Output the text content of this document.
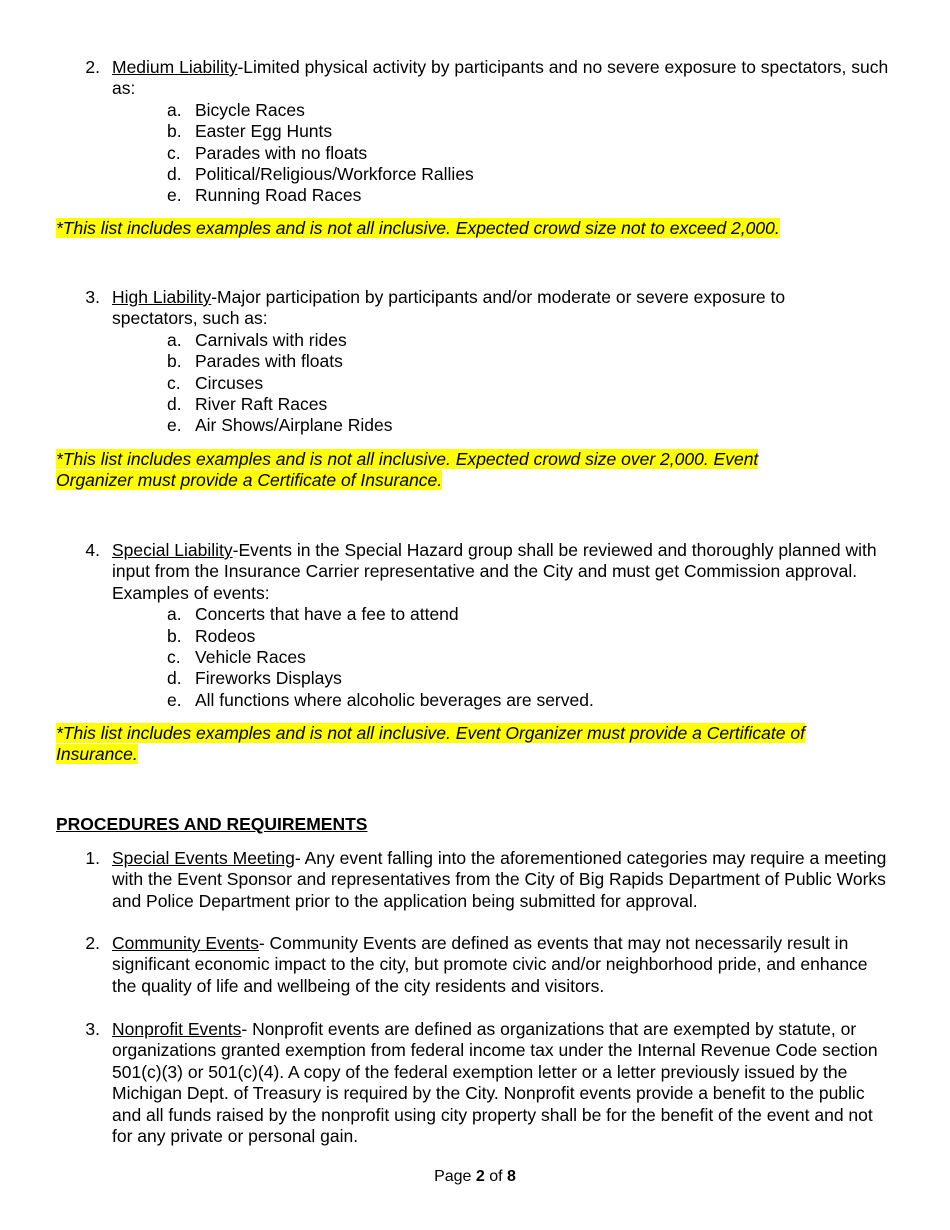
2. Medium Liability-Limited physical activity by participants and no severe exposure to spectators, such as:
a. Bicycle Races
b. Easter Egg Hunts
c. Parades with no floats
d. Political/Religious/Workforce Rallies
e. Running Road Races
*This list includes examples and is not all inclusive. Expected crowd size not to exceed 2,000.
3. High Liability-Major participation by participants and/or moderate or severe exposure to spectators, such as:
a. Carnivals with rides
b. Parades with floats
c. Circuses
d. River Raft Races
e. Air Shows/Airplane Rides
*This list includes examples and is not all inclusive. Expected crowd size over 2,000. Event Organizer must provide a Certificate of Insurance.
4. Special Liability-Events in the Special Hazard group shall be reviewed and thoroughly planned with input from the Insurance Carrier representative and the City and must get Commission approval. Examples of events:
a. Concerts that have a fee to attend
b. Rodeos
c. Vehicle Races
d. Fireworks Displays
e. All functions where alcoholic beverages are served.
*This list includes examples and is not all inclusive. Event Organizer must provide a Certificate of Insurance.
PROCEDURES AND REQUIREMENTS
1. Special Events Meeting- Any event falling into the aforementioned categories may require a meeting with the Event Sponsor and representatives from the City of Big Rapids Department of Public Works and Police Department prior to the application being submitted for approval.
2. Community Events- Community Events are defined as events that may not necessarily result in significant economic impact to the city, but promote civic and/or neighborhood pride, and enhance the quality of life and wellbeing of the city residents and visitors.
3. Nonprofit Events- Nonprofit events are defined as organizations that are exempted by statute, or organizations granted exemption from federal income tax under the Internal Revenue Code section 501(c)(3) or 501(c)(4). A copy of the federal exemption letter or a letter previously issued by the Michigan Dept. of Treasury is required by the City. Nonprofit events provide a benefit to the public and all funds raised by the nonprofit using city property shall be for the benefit of the event and not for any private or personal gain.
Page 2 of 8
